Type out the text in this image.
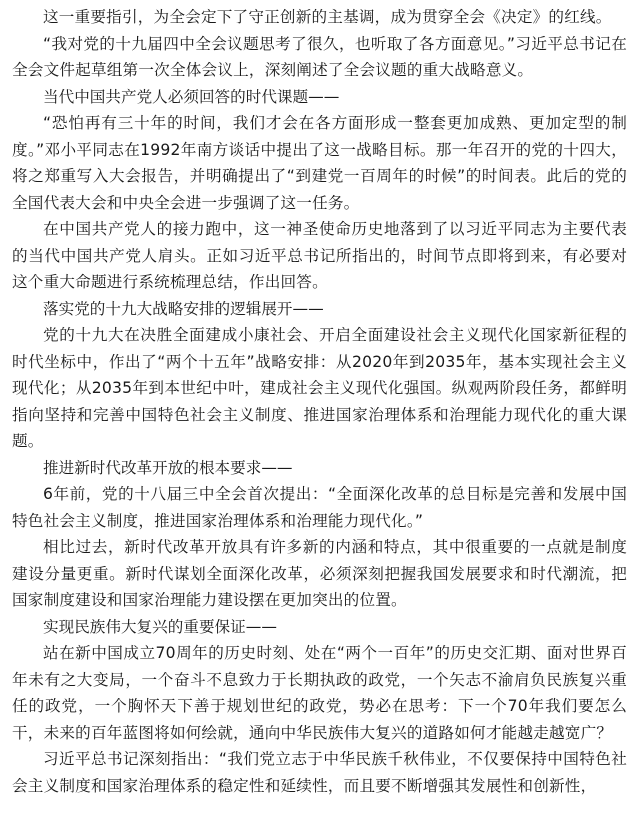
这一重要指引，为全会定下了守正创新的主基调，成为贯穿全会《决定》的红线。

“我对党的十九届四中全会议题思考了很久，也听取了各方面意见。”习近平总书记在全会文件起草组第一次全体会议上，深刻阐述了全会议题的重大战略意义。

当代中国共产党人必须回答的时代课题——

“恐怕再有三十年的时间，我们才会在各方面形成一整套更加成熟、更加定型的制度。”邓小平同志在1992年南方谈话中提出了这一战略目标。那一年召开的党的十四大，将之郑重写入大会报告，并明确提出了“到建党一百周年的时候”的时间表。此后的党的全国代表大会和中央全会进一步强调了这一任务。

在中国共产党人的接力跑中，这一神圣使命历史地落到了以习近平同志为主要代表的当代中国共产党人肩头。正如习近平总书记所指出的，时间节点即将到来，有必要对这个重大命题进行系统梳理总结，作出回答。

落实党的十九大战略安排的逻辑展开——

党的十九大在决胜全面建成小康社会、开启全面建设社会主义现代化国家新征程的时代坐标中，作出了“两个十五年”战略安排：从2020年到2035年，基本实现社会主义现代化；从2035年到本世纪中叶，建成社会主义现代化强国。纵观两阶段任务，都鲜明指向坚持和完善中国特色社会主义制度、推进国家治理体系和治理能力现代化的重大课题。

推进新时代改革开放的根本要求——

6年前，党的十八届三中全会首次提出：“全面深化改革的总目标是完善和发展中国特色社会主义制度，推进国家治理体系和治理能力现代化。”

相比过去，新时代改革开放具有许多新的内涵和特点，其中很重要的一点就是制度建设分量更重。新时代谋划全面深化改革，必须深刻把握我国发展要求和时代潮流，把国家制度建设和国家治理能力建设摆在更加突出的位置。

实现民族伟大复兴的重要保证——

站在新中国成立70周年的历史时刻、处在“两个一百年”的历史交汇期、面对世界百年未有之大变局，一个奋斗不息致力于长期执政的政党，一个矢志不渝肩负民族复兴重任的政党，一个胸怀天下善于规划世纪的政党，势必在思考：下一个70年我们要怎么干，未来的百年蓝图将如何绘就，通向中华民族伟大复兴的道路如何才能越走越宽广？

习近平总书记深刻指出：“我们党立志于中华民族千秋伟业，不仅要保持中国特色社会主义制度和国家治理体系的稳定性和延续性，而且要不断增强其发展性和创新性，
